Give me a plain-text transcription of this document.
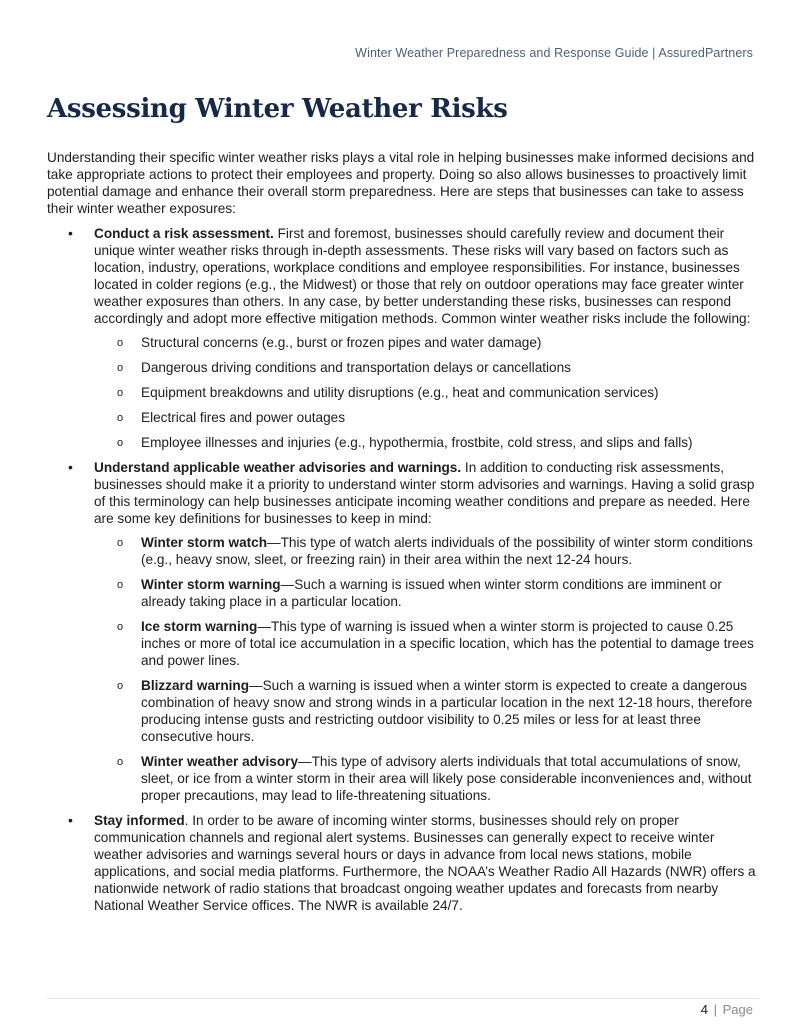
Winter Weather Preparedness and Response Guide | AssuredPartners
Assessing Winter Weather Risks

Understanding their specific winter weather risks plays a vital role in helping businesses make informed decisions and take appropriate actions to protect their employees and property. Doing so also allows businesses to proactively limit potential damage and enhance their overall storm preparedness. Here are steps that businesses can take to assess their winter weather exposures:

• Conduct a risk assessment. First and foremost, businesses should carefully review and document their unique winter weather risks through in-depth assessments. These risks will vary based on factors such as location, industry, operations, workplace conditions and employee responsibilities. For instance, businesses located in colder regions (e.g., the Midwest) or those that rely on outdoor operations may face greater winter weather exposures than others. In any case, by better understanding these risks, businesses can respond accordingly and adopt more effective mitigation methods. Common winter weather risks include the following:
o Structural concerns (e.g., burst or frozen pipes and water damage)
o Dangerous driving conditions and transportation delays or cancellations
o Equipment breakdowns and utility disruptions (e.g., heat and communication services)
o Electrical fires and power outages
o Employee illnesses and injuries (e.g., hypothermia, frostbite, cold stress, and slips and falls)
• Understand applicable weather advisories and warnings. In addition to conducting risk assessments, businesses should make it a priority to understand winter storm advisories and warnings. Having a solid grasp of this terminology can help businesses anticipate incoming weather conditions and prepare as needed. Here are some key definitions for businesses to keep in mind:
o Winter storm watch—This type of watch alerts individuals of the possibility of winter storm conditions (e.g., heavy snow, sleet, or freezing rain) in their area within the next 12-24 hours.
o Winter storm warning—Such a warning is issued when winter storm conditions are imminent or already taking place in a particular location.
o Ice storm warning—This type of warning is issued when a winter storm is projected to cause 0.25 inches or more of total ice accumulation in a specific location, which has the potential to damage trees and power lines.
o Blizzard warning—Such a warning is issued when a winter storm is expected to create a dangerous combination of heavy snow and strong winds in a particular location in the next 12-18 hours, therefore producing intense gusts and restricting outdoor visibility to 0.25 miles or less for at least three consecutive hours.
o Winter weather advisory—This type of advisory alerts individuals that total accumulations of snow, sleet, or ice from a winter storm in their area will likely pose considerable inconveniences and, without proper precautions, may lead to life-threatening situations.
• Stay informed. In order to be aware of incoming winter storms, businesses should rely on proper communication channels and regional alert systems. Businesses can generally expect to receive winter weather advisories and warnings several hours or days in advance from local news stations, mobile applications, and social media platforms. Furthermore, the NOAA’s Weather Radio All Hazards (NWR) offers a nationwide network of radio stations that broadcast ongoing weather updates and forecasts from nearby National Weather Service offices. The NWR is available 24/7.
4 | Page
